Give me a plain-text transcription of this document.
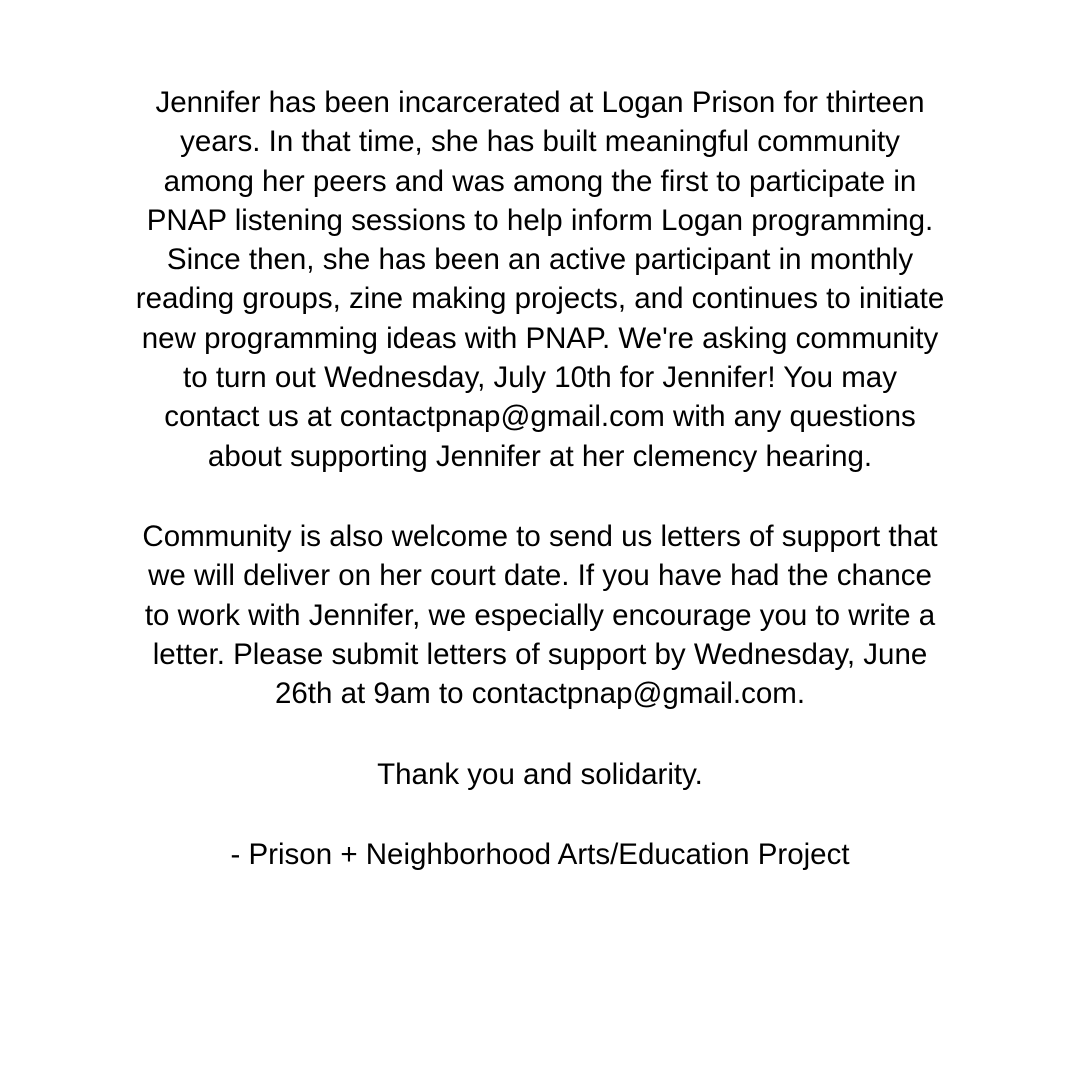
Jennifer has been incarcerated at Logan Prison for thirteen
years. In that time, she has built meaningful community
among her peers and was among the first to participate in
PNAP listening sessions to help inform Logan programming.
Since then, she has been an active participant in monthly
reading groups, zine making projects, and continues to initiate
new programming ideas with PNAP. We're asking community
to turn out Wednesday, July 10th for Jennifer! You may
contact us at contactpnap@gmail.com with any questions
about supporting Jennifer at her clemency hearing.

Community is also welcome to send us letters of support that
we will deliver on her court date. If you have had the chance
to work with Jennifer, we especially encourage you to write a
letter. Please submit letters of support by Wednesday, June
26th at 9am to contactpnap@gmail.com.

Thank you and solidarity.

- Prison + Neighborhood Arts/Education Project
